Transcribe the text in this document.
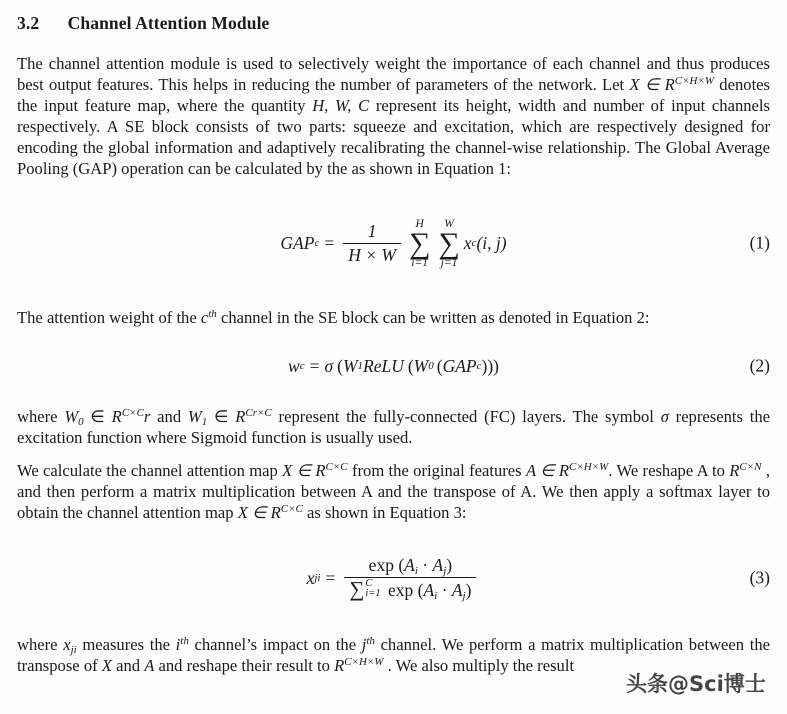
3.2 Channel Attention Module

The channel attention module is used to selectively weight the importance of each channel and thus produces best output features. This helps in reducing the number of parameters of the network. Let X ∈ $R^{C\times H\times W}$ denotes the input feature map, where the quantity H, W, C represent its height, width and number of input channels respectively. A SE block consists of two parts: squeeze and excitation, which are respectively designed for encoding the global information and adaptively recalibrating the channel-wise relationship. The Global Average Pooling (GAP) operation can be calculated by the as shown in Equation 1:

GAP $c = \frac{1}{H \times W}$ H
∑
i=1
W
∑
j=1
x c (i, j)	(1)

The attention weight of the $c^{th}$ channel in the SE block can be written as denoted in Equation 2:

w c = σ ( W 1 ReLU ( W 0 ( GAP c )))	(2)

where $W_0$ ∈ $R^{C\times C}r$ and $W_1$ ∈ $R^{Cr\times C}$ represent the fully-connected (FC) layers. The symbol σ represents the excitation function where Sigmoid function is usually used.

We calculate the channel attention map X ∈ $R^{C\times C}$ from the original features A ∈ $R^{C\times H\times W}$. We reshape A to $R^{C\times N}$ , and then perform a matrix multiplication between A and the transpose of A. We then apply a softmax layer to obtain the channel attention map X ∈ $R^{C\times C}$ as shown in Equation 3:

x ji = $\exp (A_i \cdot A_j)$
∑ C
i=1 $\exp (A_i \cdot A_j)$	(3)

where $x_{ji}$ measures the $i^{th}$ channel’s impact on the $j^{th}$ channel. We perform a matrix multiplication between the transpose of X and A and reshape their result to $R^{C\times H\times W}$ . We also multiply the result

头条@Sci博士
